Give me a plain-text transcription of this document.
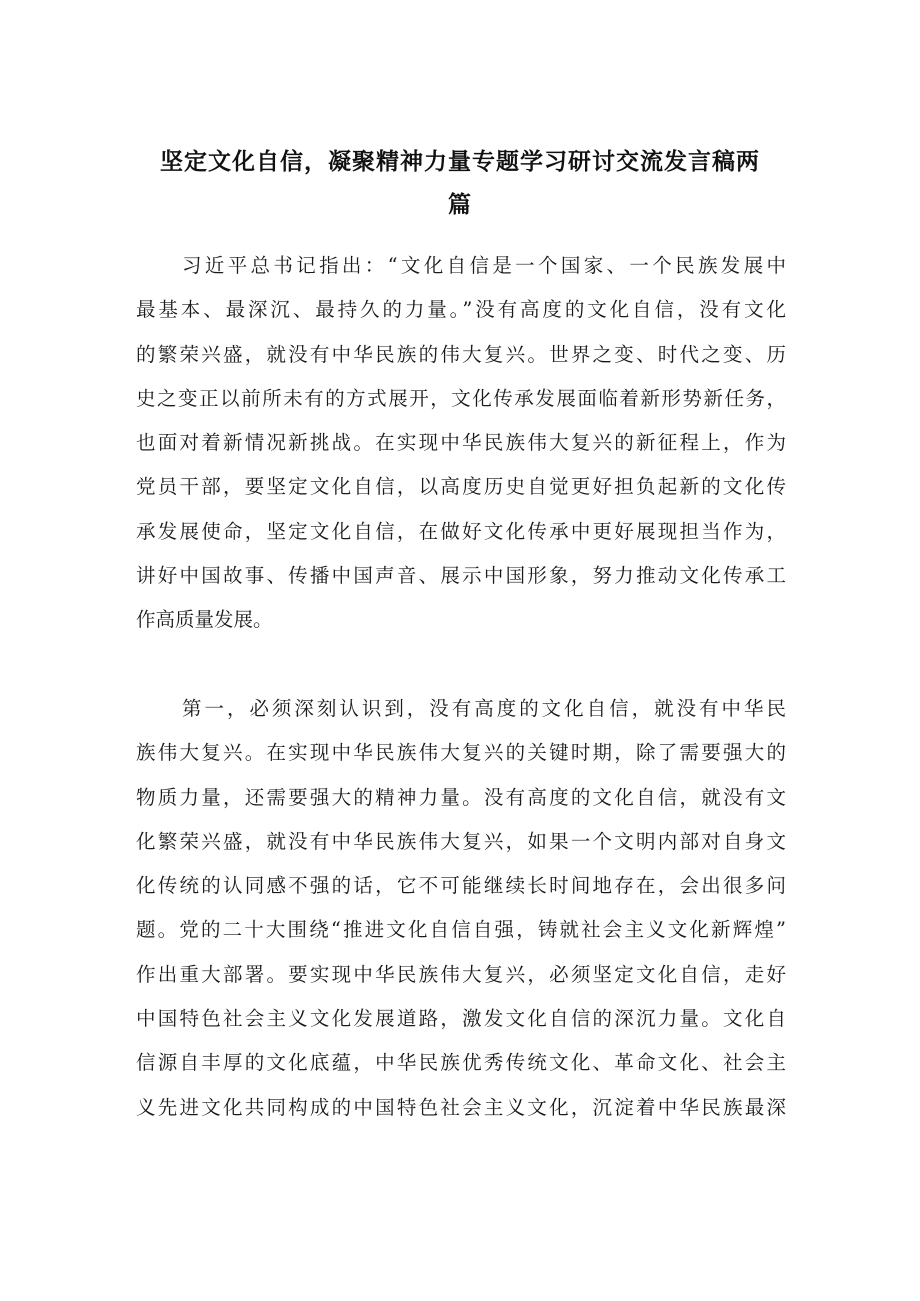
坚定文化自信，凝聚精神力量专题学习研讨交流发言稿两
篇
习近平总书记指出：“文化自信是一个国家、一个民族发展中
最基本、最深沉、最持久的力量。”没有高度的文化自信，没有文化
的繁荣兴盛，就没有中华民族的伟大复兴。世界之变、时代之变、历
史之变正以前所未有的方式展开，文化传承发展面临着新形势新任务，
也面对着新情况新挑战。在实现中华民族伟大复兴的新征程上，作为
党员干部，要坚定文化自信，以高度历史自觉更好担负起新的文化传
承发展使命，坚定文化自信，在做好文化传承中更好展现担当作为，
讲好中国故事、传播中国声音、展示中国形象，努力推动文化传承工
作高质量发展。
第一，必须深刻认识到，没有高度的文化自信，就没有中华民
族伟大复兴。在实现中华民族伟大复兴的关键时期，除了需要强大的
物质力量，还需要强大的精神力量。没有高度的文化自信，就没有文
化繁荣兴盛，就没有中华民族伟大复兴，如果一个文明内部对自身文
化传统的认同感不强的话，它不可能继续长时间地存在，会出很多问
题。党的二十大围绕“推进文化自信自强，铸就社会主义文化新辉煌”
作出重大部署。要实现中华民族伟大复兴，必须坚定文化自信，走好
中国特色社会主义文化发展道路，激发文化自信的深沉力量。文化自
信源自丰厚的文化底蕴，中华民族优秀传统文化、革命文化、社会主
义先进文化共同构成的中国特色社会主义文化，沉淀着中华民族最深
